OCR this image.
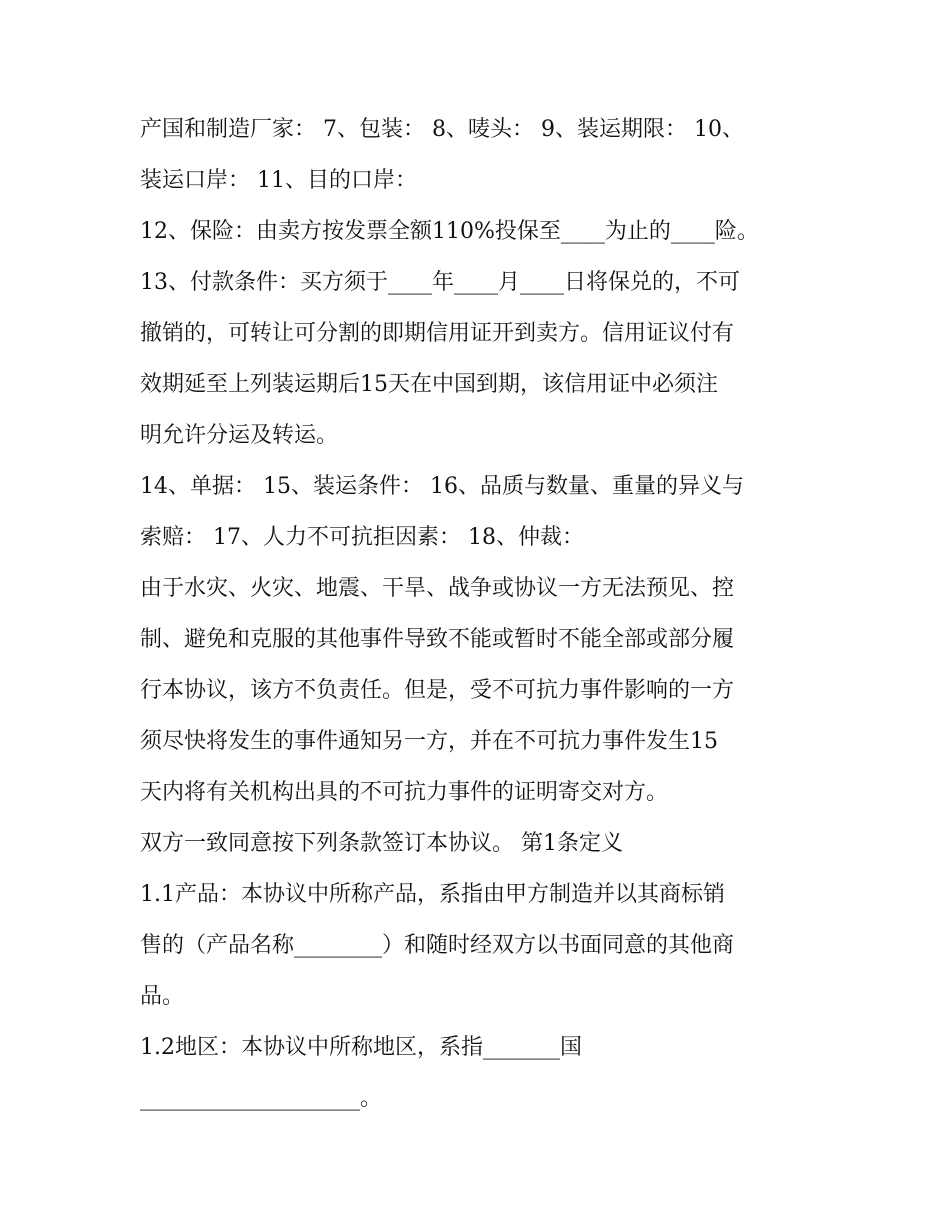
产国和制造厂家： 7、包装： 8、唛头： 9、装运期限： 10、
装运口岸： 11、目的口岸：
12、保险：由卖方按发票全额110%投保至____为止的____险。
13、付款条件：买方须于____年____月____日将保兑的，不可
撤销的，可转让可分割的即期信用证开到卖方。信用证议付有
效期延至上列装运期后15天在中国到期，该信用证中必须注
明允许分运及转运。
14、单据： 15、装运条件： 16、品质与数量、重量的异义与
索赔： 17、人力不可抗拒因素： 18、仲裁：
由于水灾、火灾、地震、干旱、战争或协议一方无法预见、控
制、避免和克服的其他事件导致不能或暂时不能全部或部分履
行本协议，该方不负责任。但是，受不可抗力事件影响的一方
须尽快将发生的事件通知另一方，并在不可抗力事件发生15
天内将有关机构出具的不可抗力事件的证明寄交对方。
双方一致同意按下列条款签订本协议。 第1条定义
1.1产品：本协议中所称产品，系指由甲方制造并以其商标销
售的（产品名称________）和随时经双方以书面同意的其他商
品。
1.2地区：本协议中所称地区，系指_______国
____________________。
